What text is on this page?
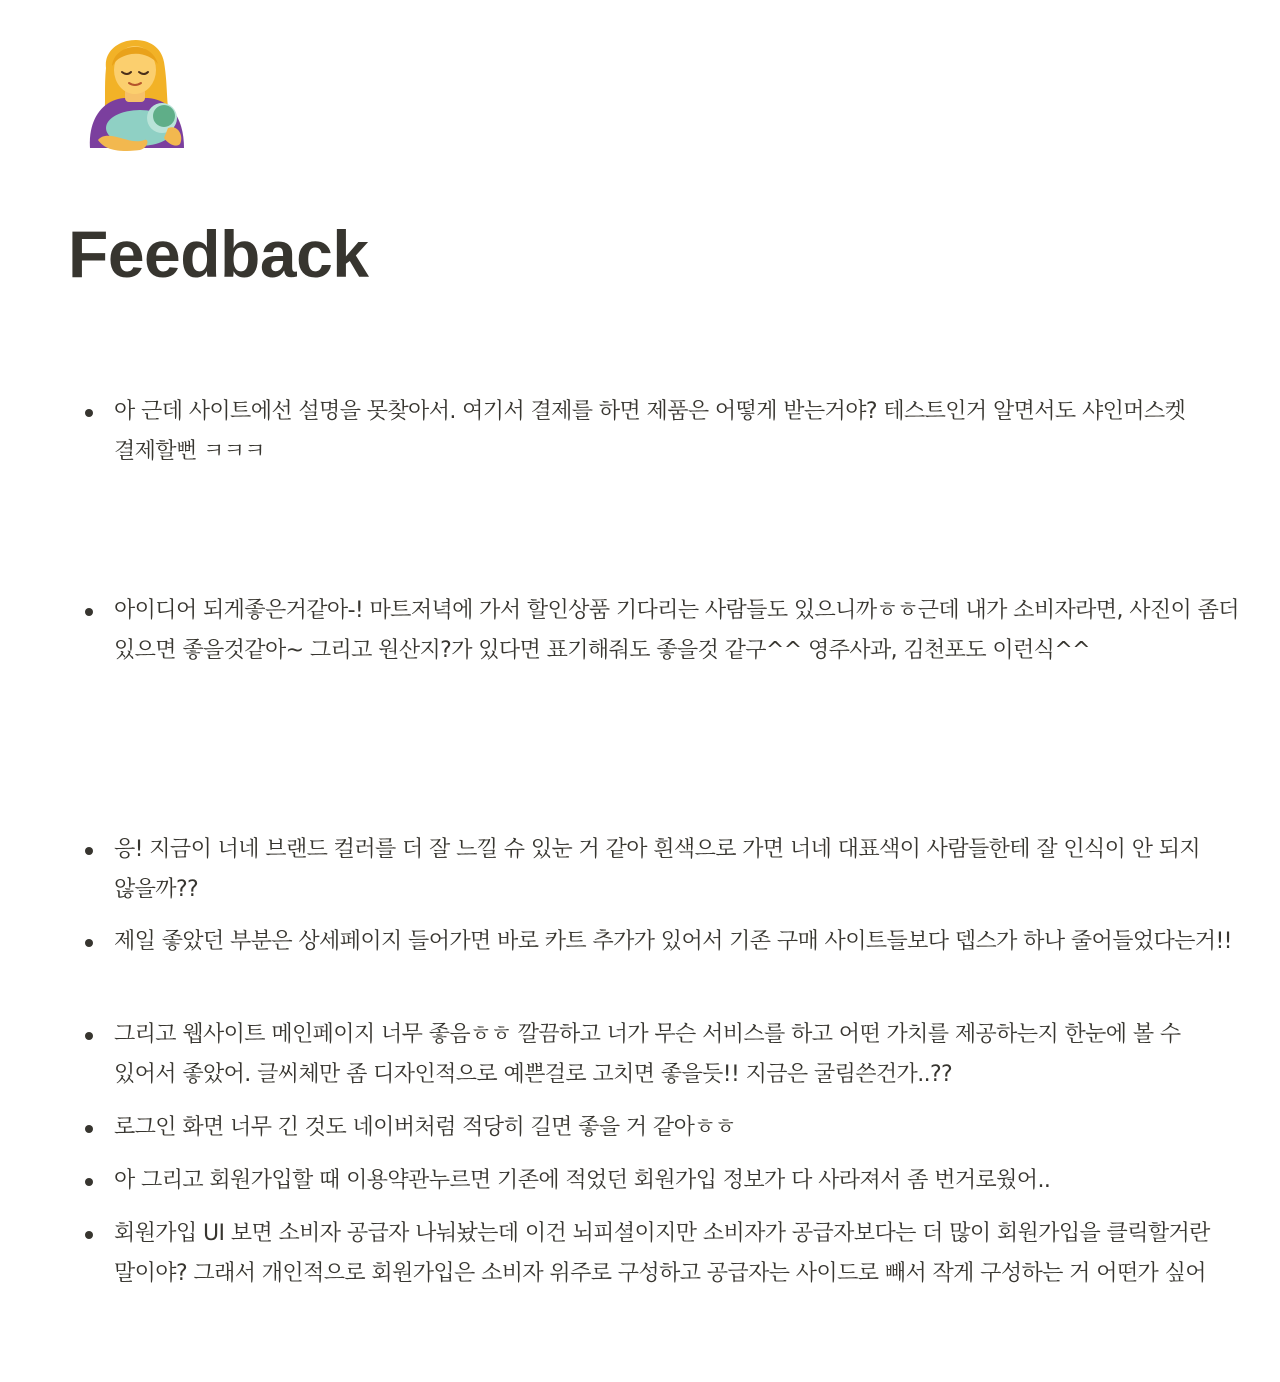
Feedback
아 근데 사이트에선 설명을 못찾아서. 여기서 결제를 하면 제품은 어떻게 받는거야? 테스트인거 알면서도 샤인머스켓 결제할뻔 ㅋㅋㅋ
아이디어 되게좋은거같아-! 마트저녁에 가서 할인상품 기다리는 사람들도 있으니까ㅎㅎ근데 내가 소비자라면, 사진이 좀더 있으면 좋을것같아~ 그리고 원산지?가 있다면 표기해줘도 좋을것 같구^^ 영주사과, 김천포도 이런식^^
응! 지금이 너네 브랜드 컬러를 더 잘 느낄 슈 있눈 거 같아 흰색으로 가면 너네 대표색이 사람들한테 잘 인식이 안 되지 않을까??
제일 좋았던 부분은 상세페이지 들어가면 바로 카트 추가가 있어서 기존 구매 사이트들보다 뎁스가 하나 줄어들었다는거!!
그리고 웹사이트 메인페이지 너무 좋음ㅎㅎ 깔끔하고 너가 무슨 서비스를 하고 어떤 가치를 제공하는지 한눈에 볼 수 있어서 좋았어. 글씨체만 좀 디자인적으로 예쁜걸로 고치면 좋을듯!! 지금은 굴림쓴건가..??
로그인 화면 너무 긴 것도 네이버처럼 적당히 길면 좋을 거 같아ㅎㅎ
아 그리고 회원가입할 때 이용약관누르면 기존에 적었던 회원가입 정보가 다 사라져서 좀 번거로웠어..
회원가입 UI 보면 소비자 공급자 나눠놨는데 이건 뇌피셜이지만 소비자가 공급자보다는 더 많이 회원가입을 클릭할거란 말이야? 그래서 개인적으로 회원가입은 소비자 위주로 구성하고 공급자는 사이드로 빼서 작게 구성하는 거 어떤가 싶어
